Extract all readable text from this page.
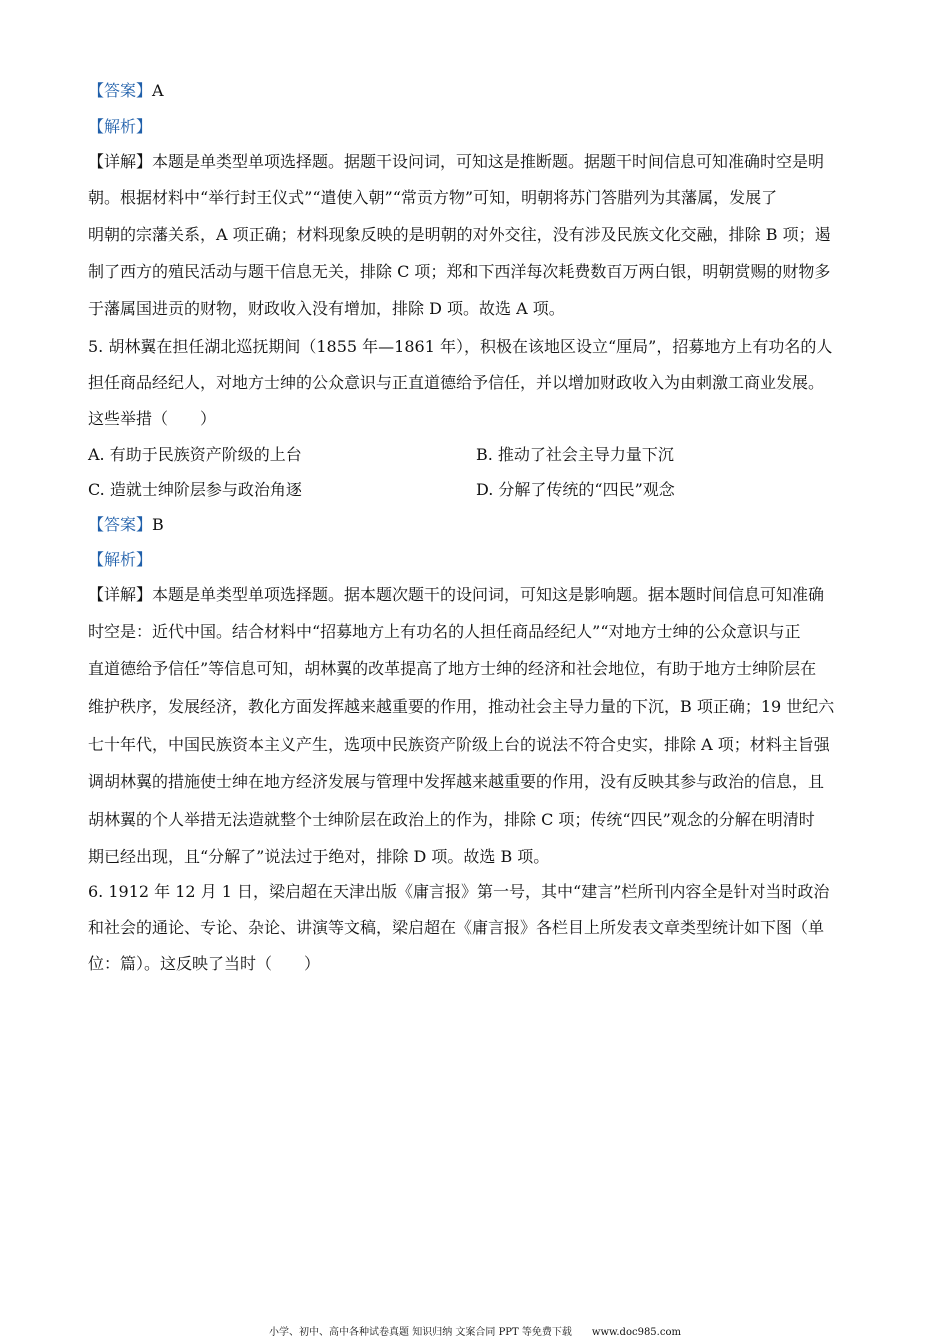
【答案】A
【解析】
【详解】本题是单类型单项选择题。据题干设问词，可知这是推断题。据题干时间信息可知准确时空是明
朝。根据材料中“举行封王仪式”“遣使入朝”“常贡方物”可知，明朝将苏门答腊列为其藩属，发展了
明朝的宗藩关系，A 项正确；材料现象反映的是明朝的对外交往，没有涉及民族文化交融，排除 B 项；遏
制了西方的殖民活动与题干信息无关，排除 C 项；郑和下西洋每次耗费数百万两白银，明朝赏赐的财物多
于藩属国进贡的财物，财政收入没有增加，排除 D 项。故选 A 项。
5. 胡林翼在担任湖北巡抚期间（1855 年—1861 年），积极在该地区设立“厘局”，招募地方上有功名的人
担任商品经纪人，对地方士绅的公众意识与正直道德给予信任，并以增加财政收入为由刺激工商业发展。
这些举措（　　）
A. 有助于民族资产阶级的上台	B. 推动了社会主导力量下沉
C. 造就士绅阶层参与政治角逐	D. 分解了传统的“四民”观念
【答案】B
【解析】
【详解】本题是单类型单项选择题。据本题次题干的设问词，可知这是影响题。据本题时间信息可知准确
时空是：近代中国。结合材料中“招募地方上有功名的人担任商品经纪人”“对地方士绅的公众意识与正
直道德给予信任”等信息可知，胡林翼的改革提高了地方士绅的经济和社会地位，有助于地方士绅阶层在
维护秩序，发展经济，教化方面发挥越来越重要的作用，推动社会主导力量的下沉，B 项正确；19 世纪六
七十年代，中国民族资本主义产生，选项中民族资产阶级上台的说法不符合史实，排除 A 项；材料主旨强
调胡林翼的措施使士绅在地方经济发展与管理中发挥越来越重要的作用，没有反映其参与政治的信息，且
胡林翼的个人举措无法造就整个士绅阶层在政治上的作为，排除 C 项；传统“四民”观念的分解在明清时
期已经出现，且“分解了”说法过于绝对，排除 D 项。故选 B 项。
6. 1912 年 12 月 1 日，梁启超在天津出版《庸言报》第一号，其中“建言”栏所刊内容全是针对当时政治
和社会的通论、专论、杂论、讲演等文稿，梁启超在《庸言报》各栏目上所发表文章类型统计如下图（单
位：篇）。这反映了当时（　　）
小学、初中、高中各种试卷真题 知识归纳 文案合同 PPT 等免费下载　　www.doc985.com
